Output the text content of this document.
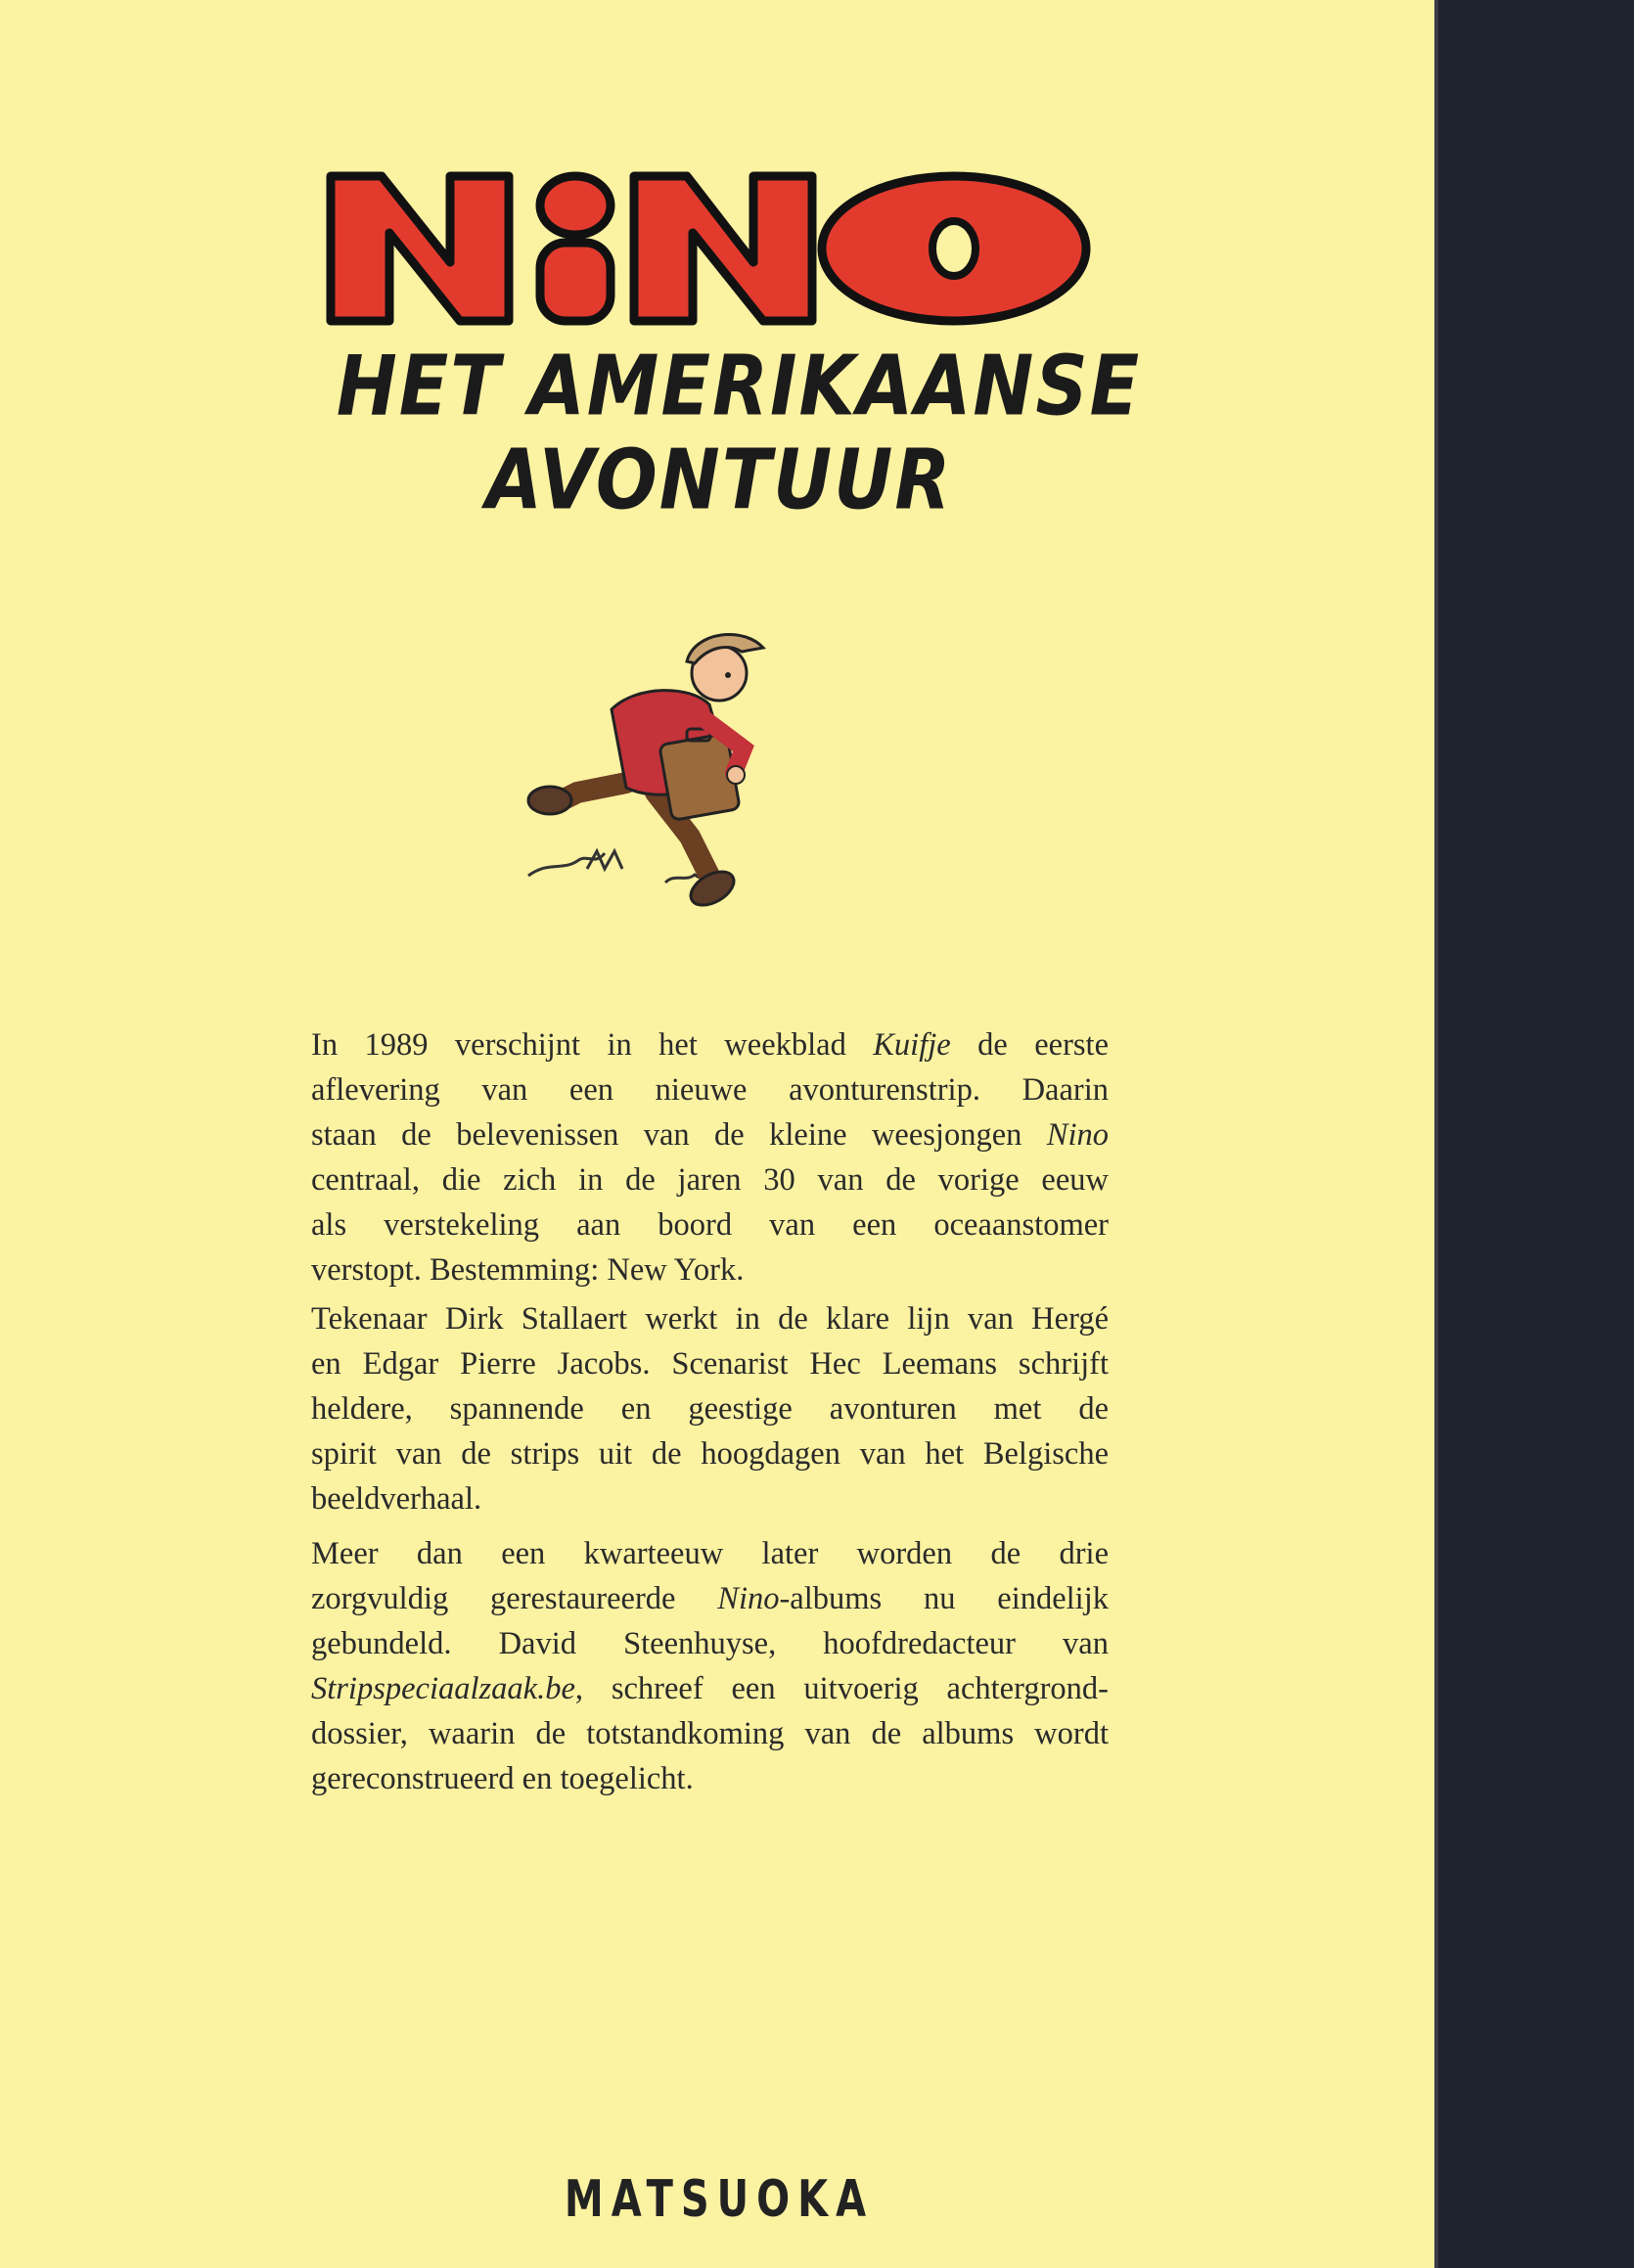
NiNO
HET AMERIKAANSE
AVONTUUR
In 1989 verschijnt in het weekblad Kuifje de eerste
aflevering van een nieuwe avonturenstrip. Daarin
staan de belevenissen van de kleine weesjongen Nino
centraal, die zich in de jaren 30 van de vorige eeuw
als verstekeling aan boord van een oceaanstomer
verstopt. Bestemming: New York.
Tekenaar Dirk Stallaert werkt in de klare lijn van Hergé
en Edgar Pierre Jacobs. Scenarist Hec Leemans schrijft
heldere, spannende en geestige avonturen met de
spirit van de strips uit de hoogdagen van het Belgische
beeldverhaal.
Meer dan een kwarteeuw later worden de drie
zorgvuldig gerestaureerde Nino-albums nu eindelijk
gebundeld. David Steenhuyse, hoofdredacteur van
Stripspeciaalzaak.be, schreef een uitvoerig achtergrond-
dossier, waarin de totstandkoming van de albums wordt
gereconstrueerd en toegelicht.
MATSUOKA
